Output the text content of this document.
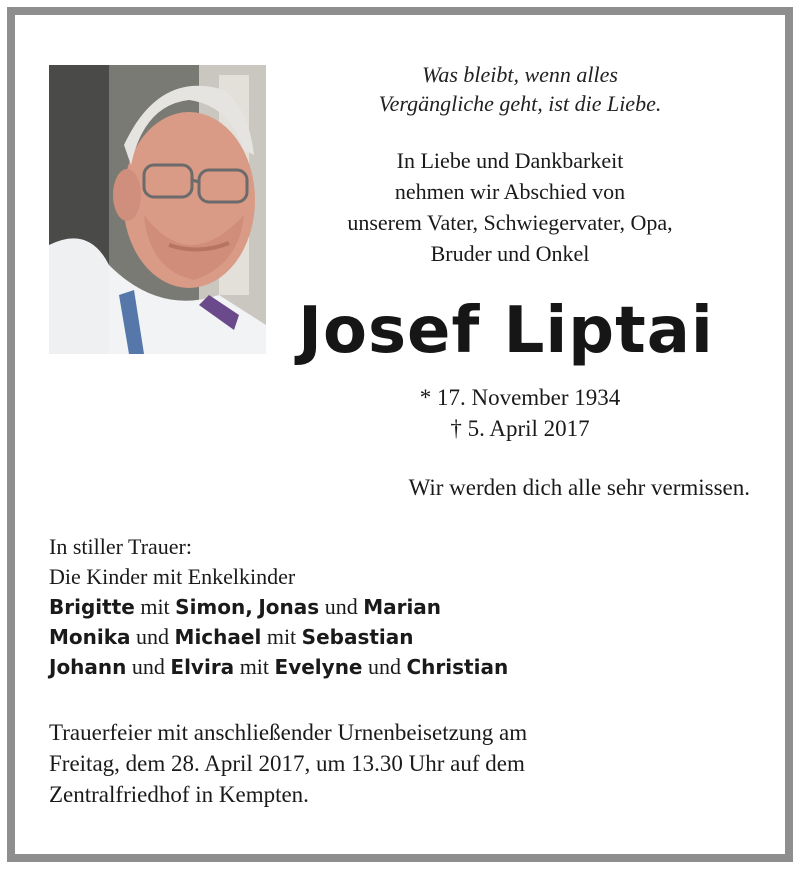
Was bleibt, wenn alles
Vergängliche geht, ist die Liebe.
In Liebe und Dankbarkeit
nehmen wir Abschied von
unserem Vater, Schwiegervater, Opa,
Bruder und Onkel
Josef Liptai
* 17. November 1934
† 5. April 2017
Wir werden dich alle sehr vermissen.
In stiller Trauer:
Die Kinder mit Enkelkinder
Brigitte mit Simon, Jonas und Marian
Monika und Michael mit Sebastian
Johann und Elvira mit Evelyne und Christian
Trauerfeier mit anschließender Urnenbeisetzung am
Freitag, dem 28. April 2017, um 13.30 Uhr auf dem
Zentralfriedhof in Kempten.
